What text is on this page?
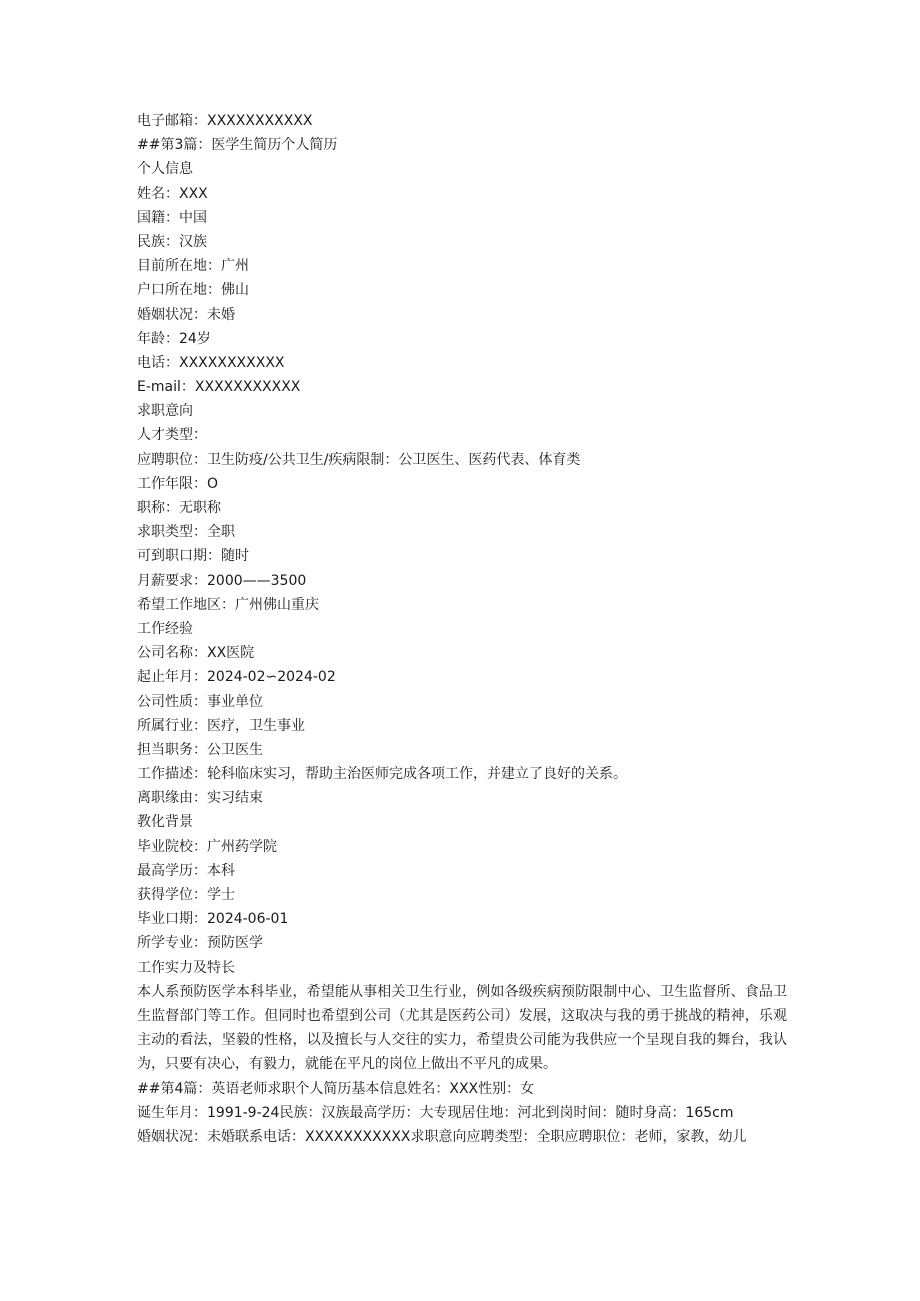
电子邮箱：XXXXXXXXXXX
##第3篇：医学生简历个人简历
个人信息
姓名：XXX
国籍：中国
民族：汉族
目前所在地：广州
户口所在地：佛山
婚姻状况：未婚
年龄：24岁
电话：XXXXXXXXXXX
E-mail：XXXXXXXXXXX
求职意向
人才类型：
应聘职位：卫生防疫/公共卫生/疾病限制：公卫医生、医药代表、体育类
工作年限：O
职称：无职称
求职类型：全职
可到职口期：随时
月薪要求：2000——3500
希望工作地区：广州佛山重庆
工作经验
公司名称：XX医院
起止年月：2024-02∽2024-02
公司性质：事业单位
所属行业：医疗，卫生事业
担当职务：公卫医生
工作描述：轮科临床实习，帮助主治医师完成各项工作，并建立了良好的关系。
离职缘由：实习结束
教化背景
毕业院校：广州药学院
最高学历：本科
获得学位：学士
毕业口期：2024-06-01
所学专业：预防医学
工作实力及特长
本人系预防医学本科毕业，希望能从事相关卫生行业，例如各级疾病预防限制中心、卫生监督所、食品卫生监督部门等工作。但同时也希望到公司（尤其是医药公司）发展，这取决与我的勇于挑战的精神，乐观主动的看法，坚毅的性格，以及擅长与人交往的实力，希望贵公司能为我供应一个呈现自我的舞台，我认为，只要有决心，有毅力，就能在平凡的岗位上做出不平凡的成果。
##第4篇：英语老师求职个人简历基本信息姓名：XXX性别：女
诞生年月：1991-9-24民族：汉族最高学历：大专现居住地：河北到岗时间：随时身高：165cm
婚姻状况：未婚联系电话：XXXXXXXXXXX求职意向应聘类型：全职应聘职位：老师，家教，幼儿
